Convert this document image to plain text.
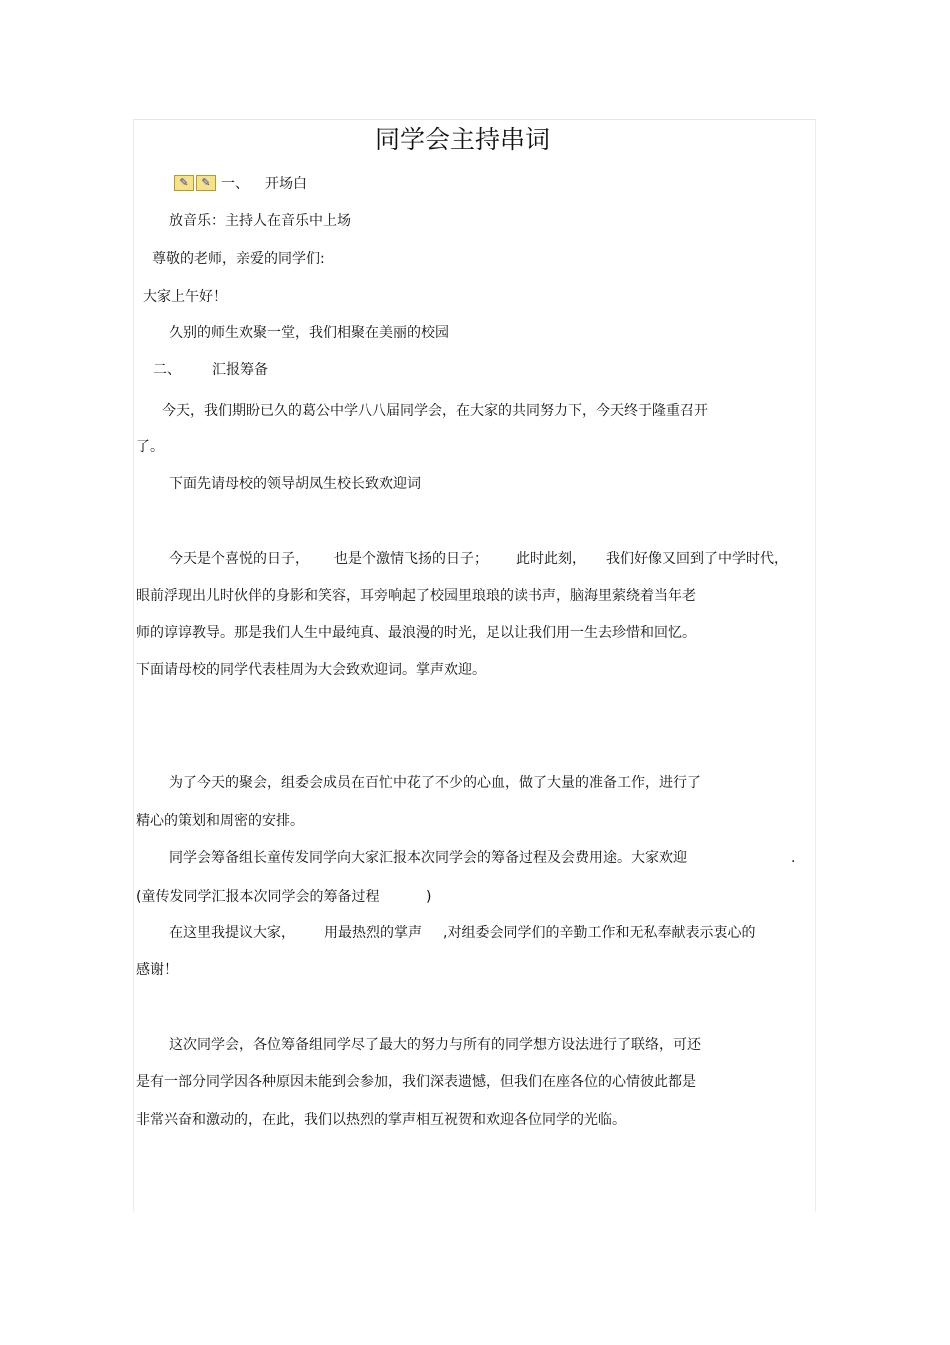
同学会主持串词
✎	✎ 一、 开场白
放音乐：主持人在音乐中上场
尊敬的老师，亲爱的同学们:
大家上午好！
久别的师生欢聚一堂，我们相聚在美丽的校园
二、 汇报筹备
今天，我们期盼已久的葛公中学八八届同学会，在大家的共同努力下，今天终于隆重召开
了。
下面先请母校的领导胡凤生校长致欢迎词
今天是个喜悦的日子， 也是个激情飞扬的日子； 此时此刻， 我们好像又回到了中学时代，
眼前浮现出儿时伙伴的身影和笑容，耳旁响起了校园里琅琅的读书声，脑海里萦绕着当年老
师的谆谆教导。那是我们人生中最纯真、最浪漫的时光，足以让我们用一生去珍惜和回忆。
下面请母校的同学代表桂周为大会致欢迎词。掌声欢迎。
为了今天的聚会，组委会成员在百忙中花了不少的心血，做了大量的准备工作，进行了
精心的策划和周密的安排。
同学会筹备组长童传发同学向大家汇报本次同学会的筹备过程及会费用途。大家欢迎	.
(童传发同学汇报本次同学会的筹备过程	)
在这里我提议大家， 用最热烈的掌声 ,对组委会同学们的辛勤工作和无私奉献表示衷心的
感谢！
这次同学会，各位筹备组同学尽了最大的努力与所有的同学想方设法进行了联络，可还
是有一部分同学因各种原因未能到会参加，我们深表遗憾，但我们在座各位的心情彼此都是
非常兴奋和激动的，在此，我们以热烈的掌声相互祝贺和欢迎各位同学的光临。
